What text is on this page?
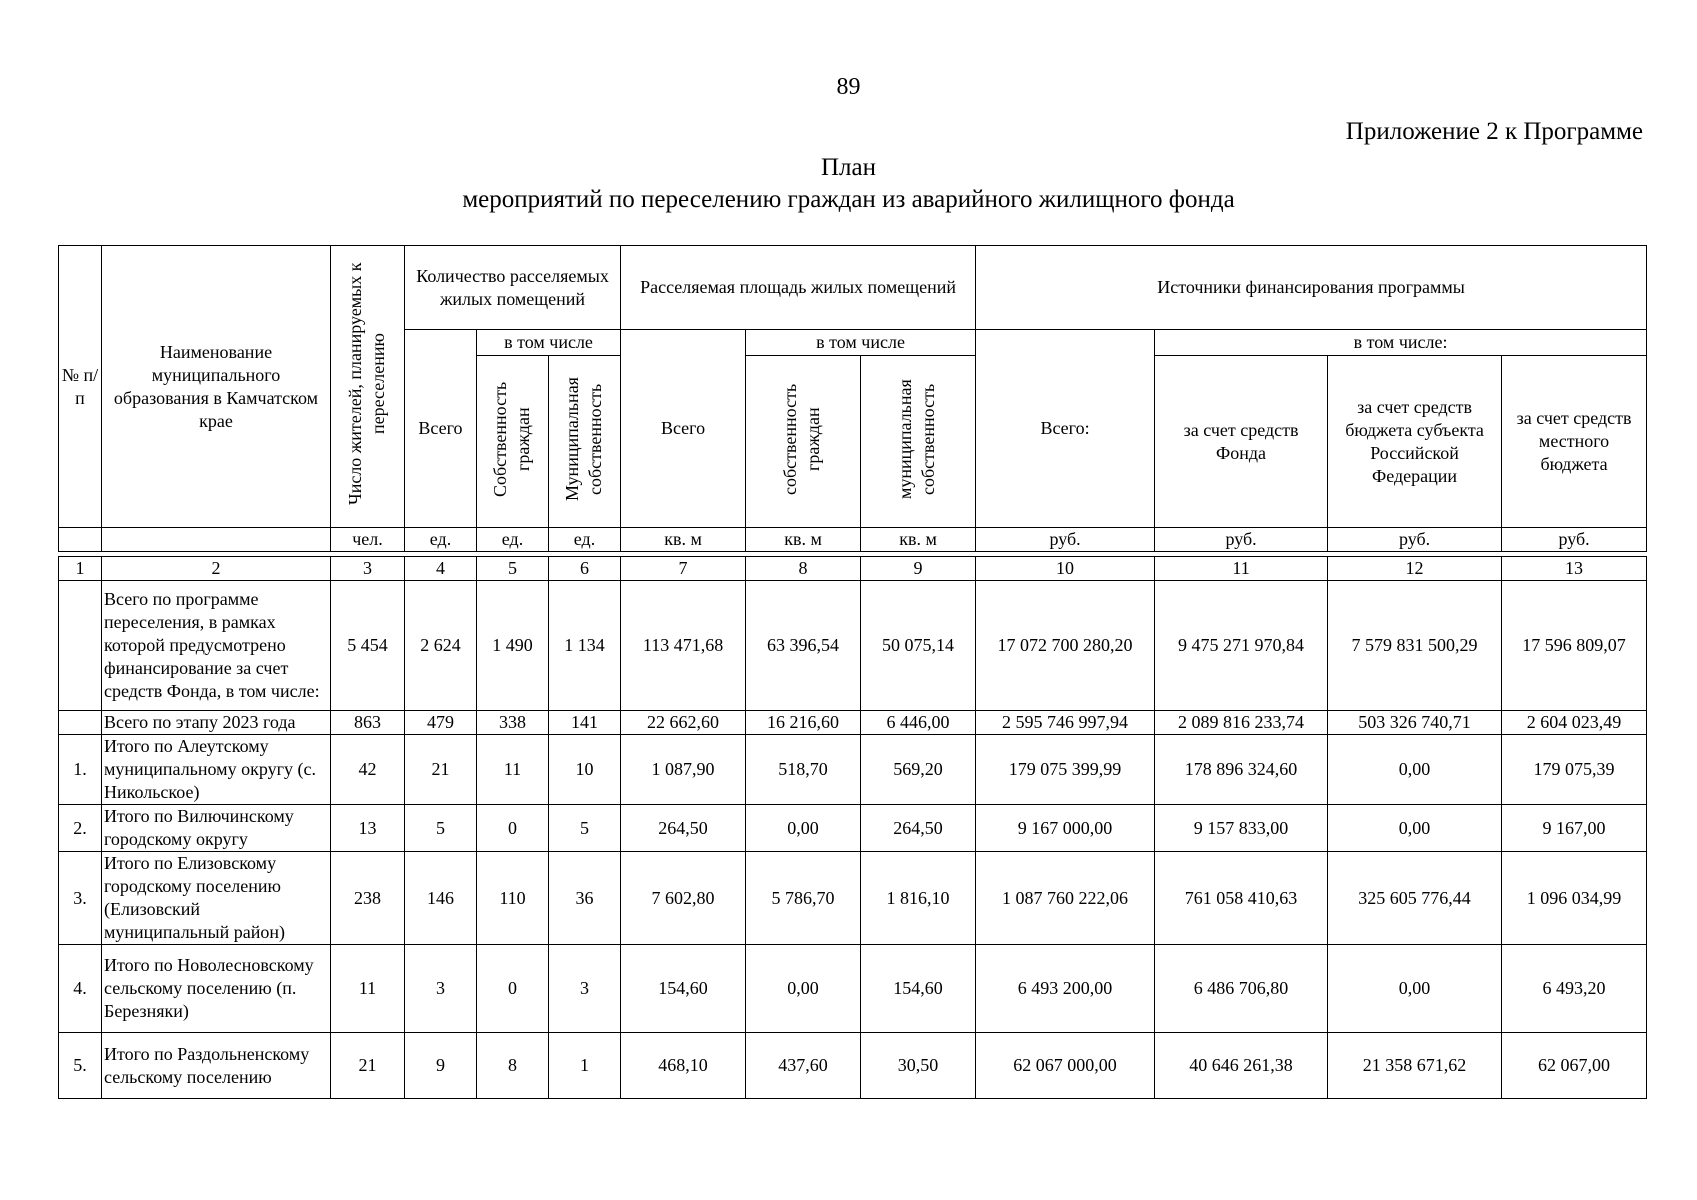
89
Приложение 2 к Программе
План
мероприятий по переселению граждан из аварийного жилищного фонда
№ п/п	Наименование муниципального образования в Камчатском крае	Число жителей, планируемых к переселению	Количество расселяемых жилых помещений			Расселяемая площадь жилых помещений			Источники финансирования программы			
			Всего	в том числе		Всего	в том числе		Всего:	в том числе:		
				Собственность граждан	Муниципальная собственность		собственность граждан	муниципальная собственность		за счет средств Фонда	за счет средств бюджета субъекта Российской Федерации	за счет средств местного бюджета
		чел.	ед.	ед.	ед.	кв. м	кв. м	кв. м	руб.	руб.	руб.	руб.

1	2	3	4	5	6	7	8	9	10	11	12	13
	Всего по программе переселения, в рамках которой предусмотрено финансирование за счет средств Фонда, в том числе:	5 454	2 624	1 490	1 134	113 471,68	63 396,54	50 075,14	17 072 700 280,20	9 475 271 970,84	7 579 831 500,29	17 596 809,07
	Всего по этапу 2023 года	863	479	338	141	22 662,60	16 216,60	6 446,00	2 595 746 997,94	2 089 816 233,74	503 326 740,71	2 604 023,49
1.	Итого по Алеутскому муниципальному округу (с. Никольское)	42	21	11	10	1 087,90	518,70	569,20	179 075 399,99	178 896 324,60	0,00	179 075,39
2.	Итого по Вилючинскому городскому округу	13	5	0	5	264,50	0,00	264,50	9 167 000,00	9 157 833,00	0,00	9 167,00
3.	Итого по Елизовскому городскому поселению (Елизовский муниципальный район)	238	146	110	36	7 602,80	5 786,70	1 816,10	1 087 760 222,06	761 058 410,63	325 605 776,44	1 096 034,99
4.	Итого по Новолесновскому сельскому поселению (п. Березняки)	11	3	0	3	154,60	0,00	154,60	6 493 200,00	6 486 706,80	0,00	6 493,20
5.	Итого по Раздольненскому сельскому поселению	21	9	8	1	468,10	437,60	30,50	62 067 000,00	40 646 261,38	21 358 671,62	62 067,00
